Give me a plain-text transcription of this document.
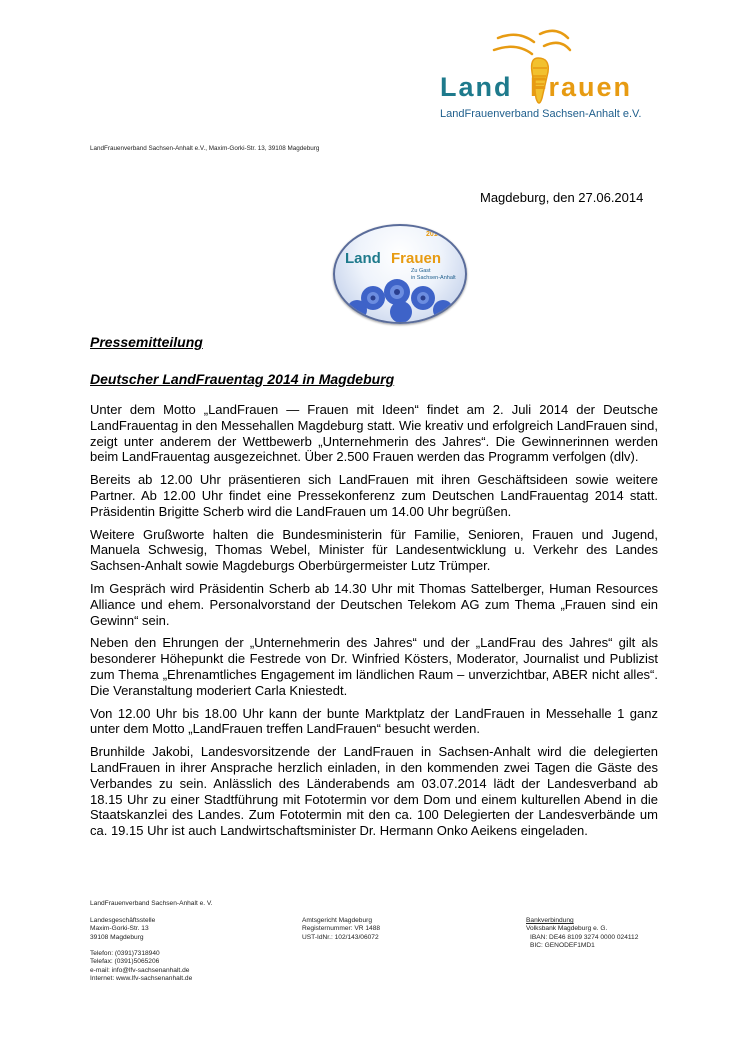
Land Frauen
LandFrauenverband Sachsen-Anhalt e.V.
LandFrauenverband Sachsen-Anhalt e.V., Maxim-Gorki-Str. 13, 39108 Magdeburg
Magdeburg, den 27.06.2014
2014
Land Frauen
Zu Gast
in Sachsen-Anhalt
Pressemitteilung
Deutscher LandFrauentag 2014 in Magdeburg

Unter dem Motto „LandFrauen — Frauen mit Ideen“ findet am 2. Juli 2014 der Deutsche LandFrauentag in den Messehallen Magdeburg statt. Wie kreativ und erfolgreich LandFrauen sind, zeigt unter anderem der Wettbewerb „Unternehmerin des Jahres“. Die Gewinnerinnen werden beim LandFrauentag ausgezeichnet. Über 2.500 Frauen werden das Programm verfolgen (dlv).

Bereits ab 12.00 Uhr präsentieren sich LandFrauen mit ihren Geschäftsideen sowie weitere Partner. Ab 12.00 Uhr findet eine Pressekonferenz zum Deutschen LandFrauentag 2014 statt. Präsidentin Brigitte Scherb wird die LandFrauen um 14.00 Uhr begrüßen.

Weitere Grußworte halten die Bundesministerin für Familie, Senioren, Frauen und Jugend, Manuela Schwesig, Thomas Webel, Minister für Landesentwicklung u. Verkehr des Landes Sachsen-Anhalt sowie Magdeburgs Oberbürgermeister Lutz Trümper.

Im Gespräch wird Präsidentin Scherb ab 14.30 Uhr mit Thomas Sattelberger, Human Resources Alliance und ehem. Personalvorstand der Deutschen Telekom AG zum Thema „Frauen sind ein Gewinn“ sein.

Neben den Ehrungen der „Unternehmerin des Jahres“ und der „LandFrau des Jahres“ gilt als besonderer Höhepunkt die Festrede von Dr. Winfried Kösters, Moderator, Journalist und Publizist zum Thema „Ehrenamtliches Engagement im ländlichen Raum – unverzichtbar, ABER nicht alles“. Die Veranstaltung moderiert Carla Kniestedt.

Von 12.00 Uhr bis 18.00 Uhr kann der bunte Marktplatz der LandFrauen in Messehalle 1 ganz unter dem Motto „LandFrauen treffen LandFrauen“ besucht werden.

Brunhilde Jakobi, Landesvorsitzende der LandFrauen in Sachsen-Anhalt wird die delegierten LandFrauen in ihrer Ansprache herzlich einladen, in den kommenden zwei Tagen die Gäste des Verbandes zu sein. Anlässlich des Länderabends am 03.07.2014 lädt der Landesverband ab 18.15 Uhr zu einer Stadtführung mit Fototermin vor dem Dom und einem kulturellen Abend in die Staatskanzlei des Landes. Zum Fototermin mit den ca. 100 Delegierten der Landesverbände um ca. 19.15 Uhr ist auch Landwirtschaftsminister Dr. Hermann Onko Aeikens eingeladen.

LandFrauenverband Sachsen-Anhalt e. V.
Landesgeschäftsstelle
Maxim-Gorki-Str. 13
39108 Magdeburg
Telefon: (0391)7318940
Telefax: (0391)5065206
e-mail: info@lfv-sachsenanhalt.de
Internet: www.lfv-sachsenanhalt.de
Amtsgericht Magdeburg
Registernummer: VR 1488
UST-IdNr.: 102/143/06072
Bankverbindung
Volksbank Magdeburg e. G.
IBAN: DE46 8109 3274 0000 024112
BIC: GENODEF1MD1
